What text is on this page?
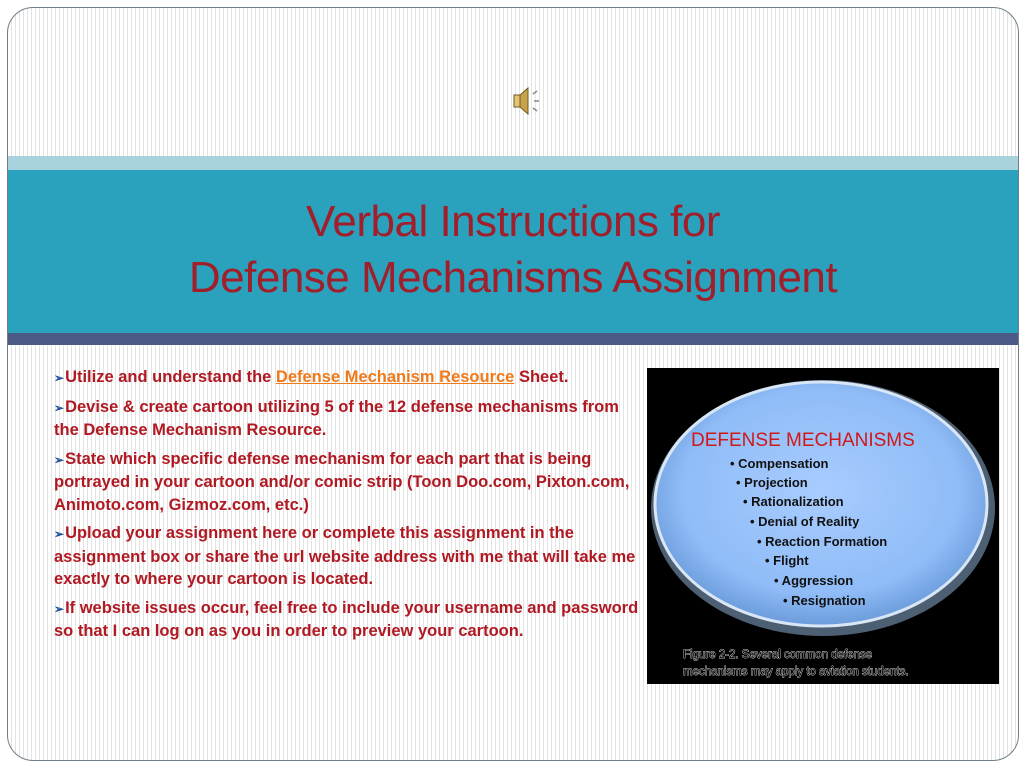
Verbal Instructions for
Defense Mechanisms Assignment
➢Utilize and understand the Defense Mechanism Resource Sheet.
➢Devise & create cartoon utilizing 5 of the 12 defense mechanisms from the Defense Mechanism Resource.
➢State which specific defense mechanism for each part that is being portrayed in your cartoon and/or comic strip (Toon Doo.com, Pixton.com, Animoto.com, Gizmoz.com, etc.)
➢Upload your assignment here or complete this assignment in the assignment box or share the url website address with me that will take me exactly to where your cartoon is located.
➢If website issues occur, feel free to include your username and password so that I can log on as you in order to preview your cartoon.
DEFENSE MECHANISMS
• Compensation
• Projection
• Rationalization
• Denial of Reality
• Reaction Formation
• Flight
• Aggression
• Resignation
Figure 2-2. Several common defense
mechanisms may apply to aviation students.
